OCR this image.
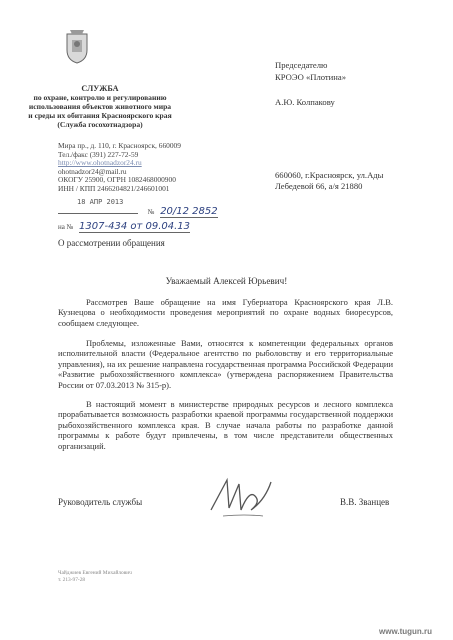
СЛУЖБА
по охране, контролю и регулированию
использования объектов животного мира
и среды их обитания Красноярского края
(Служба госохотнадзора)
Мира пр., д. 110, г. Красноярск, 660009
Тел./факс (391) 227-72-59
http://www.ohotnadzor24.ru
ohotnadzor24@mail.ru
ОКОГУ 25900, ОГРН 1082468000900
ИНН / КПП 2466204821/246601001
18 АПР 2013
№ 20/12 2852
на № 1307-434 от 09.04.13
Председателю
КРОЭО «Плотина»
А.Ю. Колпакову
660060, г.Красноярск, ул.Ады
Лебедевой 66, а/я 21880
О рассмотрении обращения
Уважаемый Алексей Юрьевич!

Рассмотрев Ваше обращение на имя Губернатора Красноярского края Л.В. Кузнецова о необходимости проведения мероприятий по охране водных биоресурсов, сообщаем следующее.

Проблемы, изложенные Вами, относятся к компетенции федеральных органов исполнительной власти (Федеральное агентство по рыболовству и его территориальные управления), на их решение направлена государственная программа Российской Федерации «Развитие рыбохозяйственного комплекса» (утверждена распоряжением Правительства России от 07.03.2013 № 315-р).

В настоящий момент в министерстве природных ресурсов и лесного комплекса прорабатывается возможность разработки краевой программы государственной поддержки рыбохозяйственного комплекса края. В случае начала работы по разработке данной программы к работе будут привлечены, в том числе представители общественных организаций.

Руководитель службы	В.В. Званцев
Чайджиев Евгений Михайлович
т. 213-97-28
www.tugun.ru
